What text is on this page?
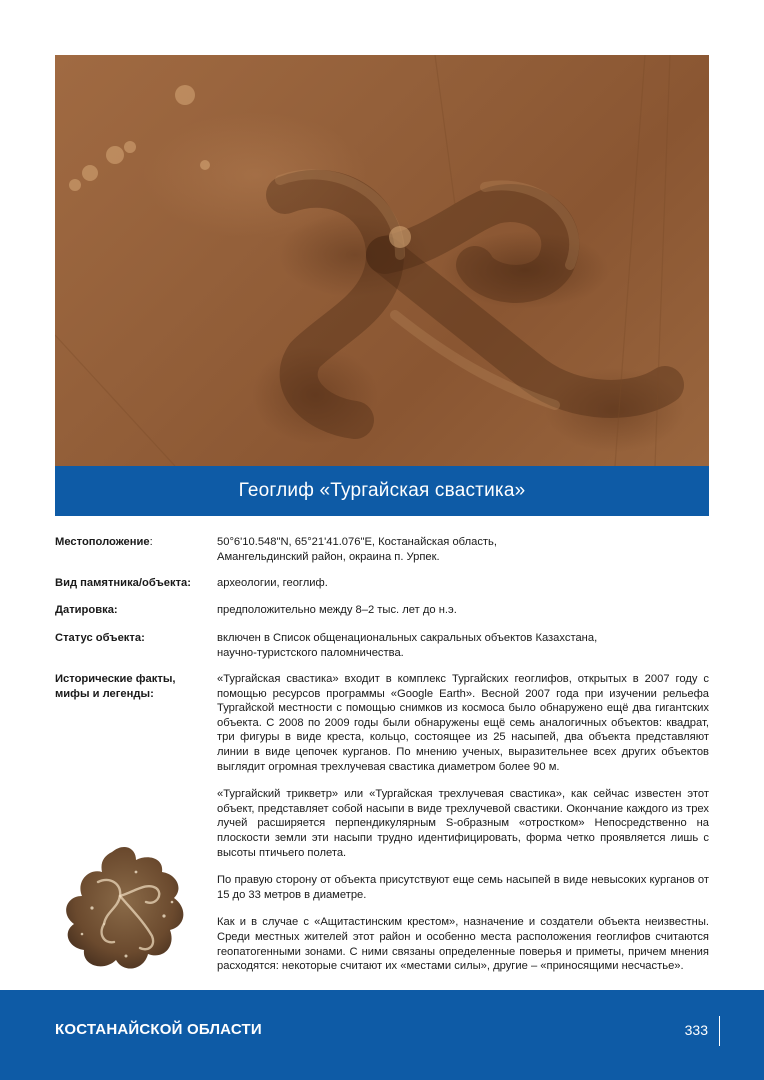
Геоглиф «Тургайская свастика»
Местоположение:	50°6'10.548"N, 65°21'41.076"E, Костанайская область,
Амангельдинский район, окраина п. Урпек.
Вид памятника/объекта:	археологии, геоглиф.
Датировка:	предположительно между 8–2 тыс. лет до н.э.
Статус объекта:	включен в Список общенациональных сакральных объектов Казахстана,
научно-туристского паломничества.
Исторические факты,
мифы и легенды:

«Тургайская свастика» входит в комплекс Тургайских геоглифов, открытых в 2007 году с помощью ресурсов программы «Google Earth». Весной 2007 года при изучении рельефа Тургайской местности с помощью снимков из космоса было обнаружено ещё два гигантских объекта. С 2008 по 2009 годы были обнаружены ещё семь аналогичных объектов: квадрат, три фигуры в виде креста, кольцо, состоящее из 25 насыпей, два объекта представляют линии в виде цепочек курганов. По мнению ученых, выразительнее всех других объектов выглядит огромная трехлучевая свастика диаметром более 90 м.

«Тургайский трикветр» или «Тургайская трехлучевая свастика», как сейчас известен этот объект, представляет собой насыпи в виде трехлучевой свастики. Окончание каждого из трех лучей расширяется перпендикулярным S-образным «отростком» Непосредственно на плоскости земли эти насыпи трудно идентифицировать, форма четко проявляется лишь с высоты птичьего полета.

По правую сторону от объекта присутствуют еще семь насыпей в виде невысоких курганов от 15 до 33 метров в диаметре.

Как и в случае с «Ащитастинским крестом», назначение и создатели объекта неизвестны. Среди местных жителей этот район и особенно места расположения геоглифов считаются геопатогенными зонами. С ними связаны определенные поверья и приметы, причем мнения расходятся: некоторые считают их «местами силы», другие – «приносящими несчастье».

КОСТАНАЙСКОЙ ОБЛАСТИ	333
